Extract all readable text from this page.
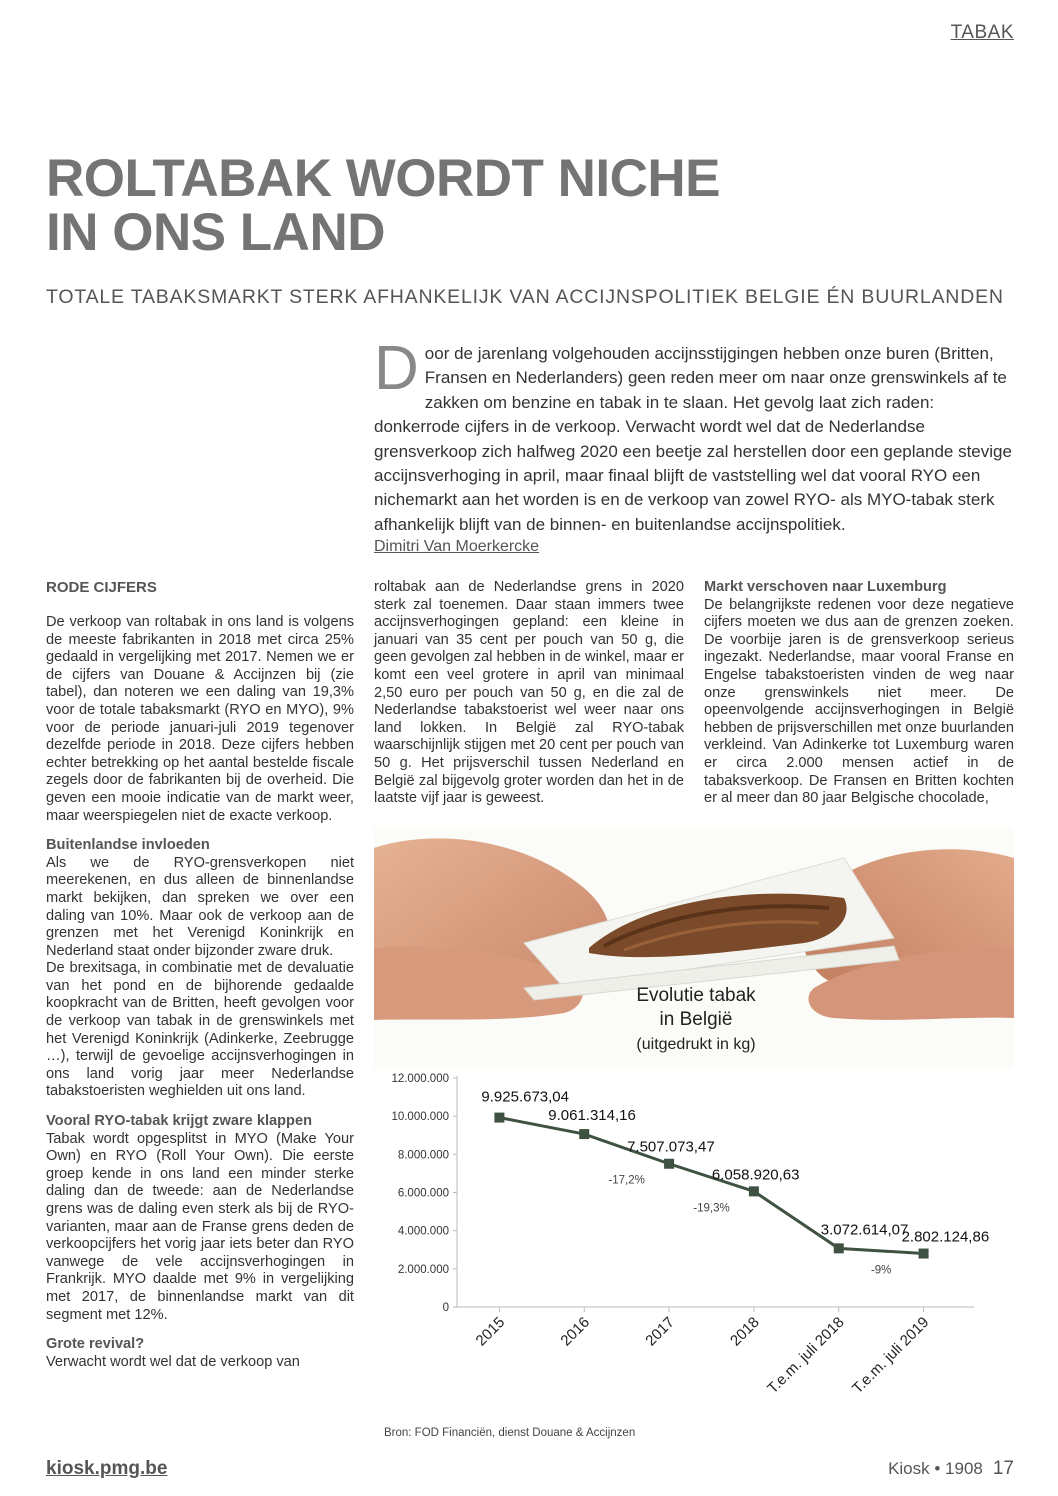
TABAK
ROLTABAK WORDT NICHE
IN ONS LAND

TOTALE TABAKSMARKT STERK AFHANKELIJK VAN ACCIJNSPOLITIEK BELGIE ÉN BUURLANDEN

Door de jarenlang volgehouden accijnsstijgingen hebben onze buren (Britten, Fransen en Nederlanders) geen reden meer om naar onze grenswinkels af te zakken om benzine en tabak in te slaan. Het gevolg laat zich raden: donkerrode cijfers in de verkoop. Verwacht wordt wel dat de Nederlandse grensverkoop zich halfweg 2020 een beetje zal herstellen door een geplande stevige accijnsverhoging in april, maar finaal blijft de vaststelling wel dat vooral RYO een nichemarkt aan het worden is en de verkoop van zowel RYO- als MYO-tabak sterk afhankelijk blijft van de binnen- en buitenlandse accijnspolitiek.

Dimitri Van Moerkercke
RODE CIJFERS

De verkoop van roltabak in ons land is volgens de meeste fabrikanten in 2018 met circa 25% gedaald in vergelijking met 2017. Nemen we er de cijfers van Douane & Accijnzen bij (zie tabel), dan noteren we een daling van 19,3% voor de totale tabaksmarkt (RYO en MYO), 9% voor de periode januari-juli 2019 tegenover dezelfde periode in 2018. Deze cijfers hebben echter betrekking op het aantal bestelde fiscale zegels door de fabrikanten bij de overheid. Die geven een mooie indicatie van de markt weer, maar weerspiegelen niet de exacte verkoop.

Buitenlandse invloeden

Als we de RYO-grensverkopen niet meerekenen, en dus alleen de binnenlandse markt bekijken, dan spreken we over een daling van 10%. Maar ook de verkoop aan de grenzen met het Verenigd Koninkrijk en Nederland staat onder bijzonder zware druk.

De brexitsaga, in combinatie met de devaluatie van het pond en de bijhorende gedaalde koopkracht van de Britten, heeft gevolgen voor de verkoop van tabak in de grenswinkels met het Verenigd Koninkrijk (Adinkerke, Zeebrugge …), terwijl de gevoelige accijnsverhogingen in ons land vorig jaar meer Nederlandse tabakstoeristen weghielden uit ons land.

Vooral RYO-tabak krijgt zware klappen

Tabak wordt opgesplitst in MYO (Make Your Own) en RYO (Roll Your Own). Die eerste groep kende in ons land een minder sterke daling dan de tweede: aan de Nederlandse grens was de daling even sterk als bij de RYO-varianten, maar aan de Franse grens deden de verkoopcijfers het vorig jaar iets beter dan RYO vanwege de vele accijnsverhogingen in Frankrijk. MYO daalde met 9% in vergelijking met 2017, de binnenlandse markt van dit segment met 12%.

Grote revival?

Verwacht wordt wel dat de verkoop van

roltabak aan de Nederlandse grens in 2020 sterk zal toenemen. Daar staan immers twee accijnsverhogingen gepland: een kleine in januari van 35 cent per pouch van 50 g, die geen gevolgen zal hebben in de winkel, maar er komt een veel grotere in april van minimaal 2,50 euro per pouch van 50 g, en die zal de Nederlandse tabakstoerist wel weer naar ons land lokken. In België zal RYO-tabak waarschijnlijk stijgen met 20 cent per pouch van 50 g. Het prijsverschil tussen Nederland en België zal bijgevolg groter worden dan het in de laatste vijf jaar is geweest.

Markt verschoven naar Luxemburg

De belangrijkste redenen voor deze negatieve cijfers moeten we dus aan de grenzen zoeken. De voorbije jaren is de grensverkoop serieus ingezakt. Nederlandse, maar vooral Franse en Engelse tabakstoeristen vinden de weg naar onze grenswinkels niet meer. De opeenvolgende accijnsverhogingen in België hebben de prijsverschillen met onze buurlanden verkleind. Van Adinkerke tot Luxemburg waren er circa 2.000 mensen actief in de tabaksverkoop. De Fransen en Britten kochten er al meer dan 80 jaar Belgische chocolade,

Evolutie tabak
in België
(uitgedrukt in kg)
0
2.000.000
4.000.000
6.000.000
8.000.000
10.000.000
12.000.000
2015	2016	2017	2018 T.e.m. juli 2018 T.e.m. juli 2019
9.925.673,04
9.061.314,16
7.507.073,47
6.058.920,63
3.072.614,07
2.802.124,86
-17,2%
-19,3%
-9%
Bron: FOD Financiën, dienst Douane & Accijnzen
kiosk.pmg.be	Kiosk • 1908 17
